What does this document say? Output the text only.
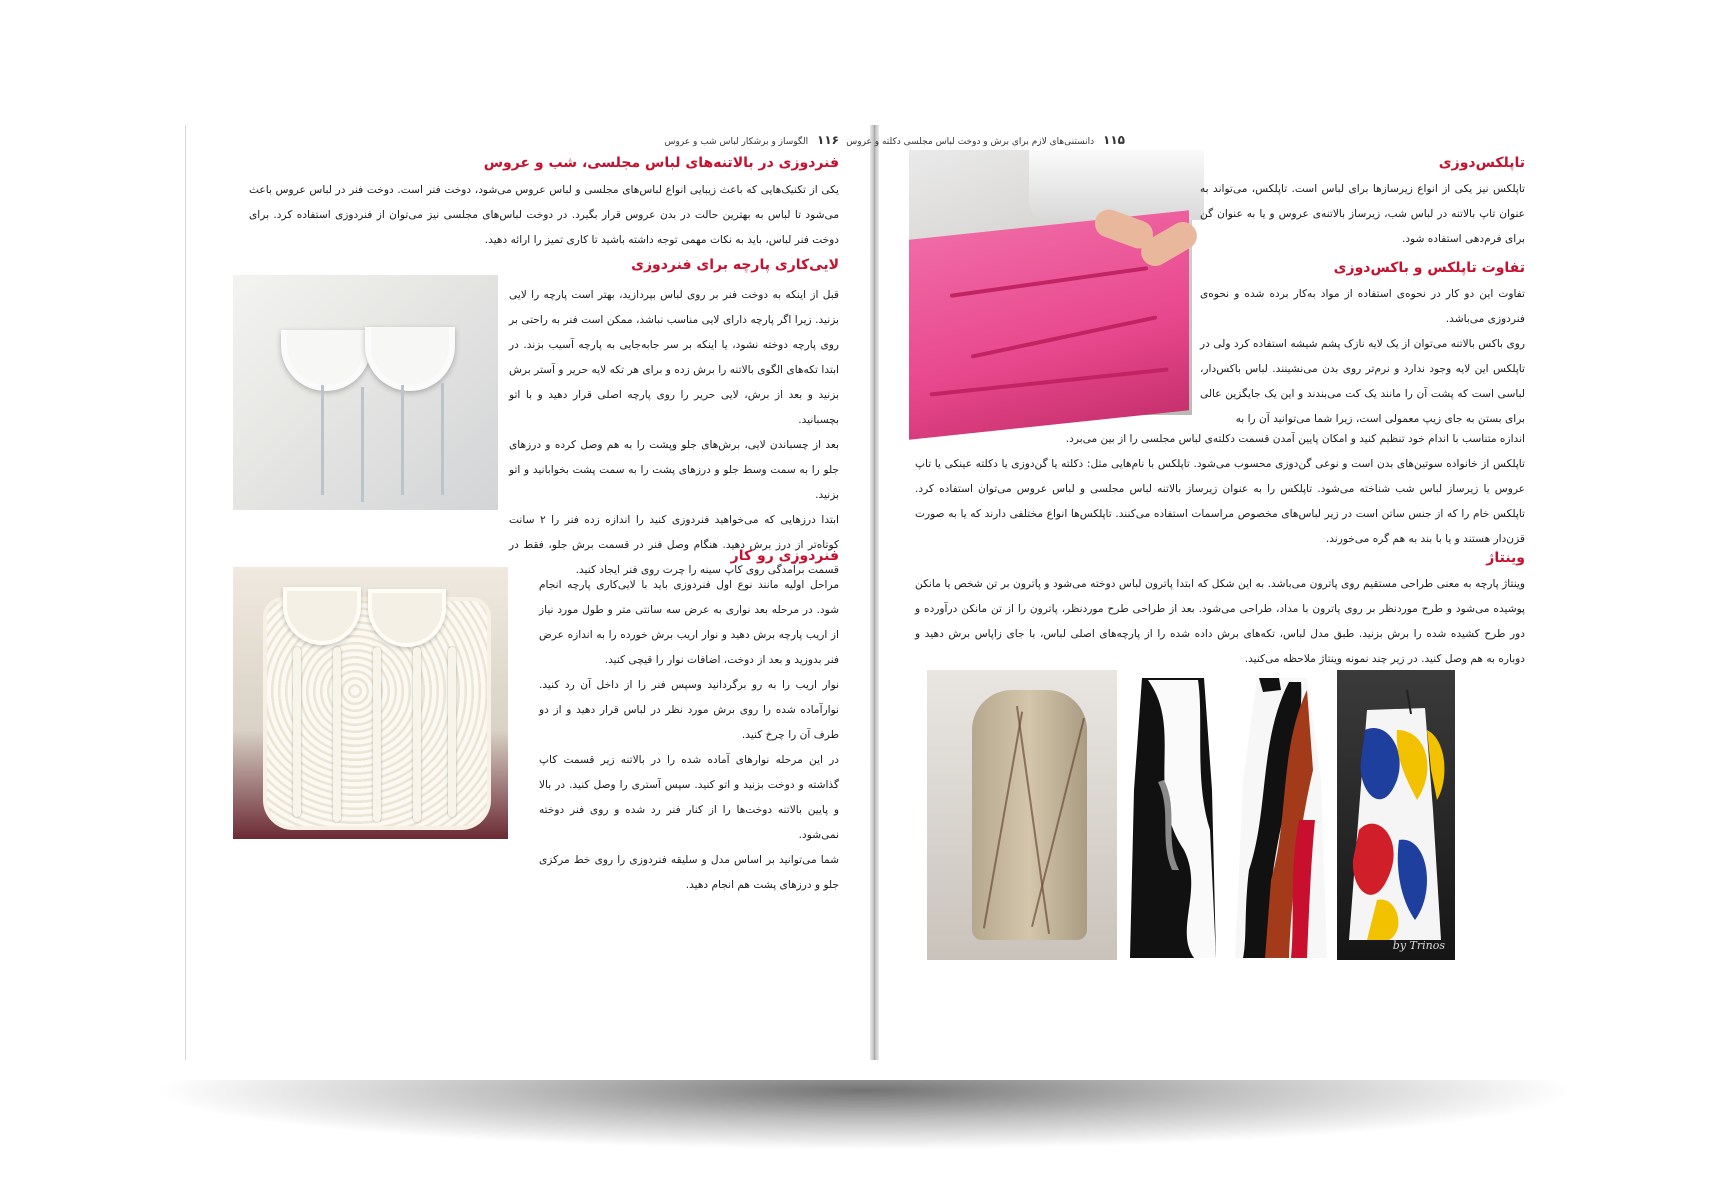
۱۱۶ الگوساز و برشکار لباس شب و عروس
فنردوزی در بالاتنه‌های لباس مجلسی، شب و عروس

یکی از تکنیک‌هایی که باعث زیبایی انواع لباس‌های مجلسی و لباس عروس می‌شود، دوخت فنر است. دوخت فنر در لباس عروس باعث می‌شود تا لباس به بهترین حالت در بدن عروس قرار بگیرد. در دوخت لباس‌های مجلسی نیز می‌توان از فنردوزی استفاده کرد. برای دوخت فنر لباس، باید به نکات مهمی توجه داشته باشید تا کاری تمیز را ارائه دهید.

لایی‌کاری پارچه برای فنردوزی

قبل از اینکه به دوخت فنر بر روی لباس بپردازید، بهتر است پارچه را لایی بزنید. زیرا اگر پارچه دارای لایی مناسب نباشد، ممکن است فنر به راحتی بر روی پارچه دوخته نشود، یا اینکه بر سر جابه‌جایی به پارچه آسیب بزند. در ابتدا تکه‌های الگوی بالاتنه را برش زده و برای هر تکه لایه حریر و آستر برش بزنید و بعد از برش، لایی حریر را روی پارچه اصلی قرار دهید و با اتو بچسبانید.
بعد از چسباندن لایی، برش‌های جلو وپشت را به هم وصل کرده و درزهای جلو را به سمت وسط جلو و درزهای پشت را به سمت پشت بخوابانید و اتو بزنید.
ابتدا درزهایی که می‌خواهید فنردوزی کنید را اندازه زده فنر را ۲ سانت کوتاه‌تر از درز برش دهید. هنگام وصل فنر در قسمت برش جلو، فقط در قسمت برآمدگی روی کاپ سینه را چرت روی فنر ایجاد کنید.

فنردوزی رو کار

مراحل اولیه مانند نوع اول فنردوزی باید با لایی‌کاری پارچه انجام شود. در مرحله بعد نواری به عرض سه سانتی متر و طول مورد نیاز از اریب پارچه برش دهید و نوار اریب برش خورده را به اندازه عرض فنر بدوزید و بعد از دوخت، اضافات نوار را قیچی کنید.
نوار اریب را به رو برگردانید وسپس فنر را از داخل آن رد کنید. نوارآماده شده را روی برش مورد نظر در لباس قرار دهید و از دو طرف آن را چرخ کنید.
در این مرحله نوارهای آماده شده را در بالاتنه زیر قسمت کاپ گذاشته و دوخت بزنید و اتو کنید. سپس آستری را وصل کنید. در بالا و پایین بالاتنه دوخت‌ها را از کنار فنر رد شده و روی فنر دوخته نمی‌شود.
شما می‌توانید بر اساس مدل و سلیقه فنردوزی را روی خط مرکزی جلو و درزهای پشت هم انجام دهید.

۱۱۵ دانستنی‌های لازم برای برش و دوخت لباس مجلسی دکلته و عروس
تاپلکس‌دوزی

تاپلکس نیز یکی از انواع زیرسازها برای لباس است. تاپلکس، می‌تواند به عنوان تاپ بالاتنه در لباس شب، زیرساز بالاتنه‌ی عروس و یا به عنوان گن برای فرم‌دهی استفاده شود.

تفاوت تاپلکس و باکس‌دوزی

تفاوت این دو کار در نحوه‌ی استفاده از مواد به‌کار برده شده و نحوه‌ی فنردوزی می‌باشد.
روی باکس بالاتنه می‌توان از یک لایه نازک پشم شیشه استفاده کرد ولی در تاپلکس این لایه وجود ندارد و نرم‌تر روی بدن می‌نشینند. لباس باکس‌دار، لباسی است که پشت آن را مانند یک کت می‌بندند و این یک جایگزین عالی برای بستن به جای زیپ معمولی است، زیرا شما می‌توانید آن را به

اندازه متناسب با اندام خود تنظیم کنید و امکان پایین آمدن قسمت دکلته‌ی لباس مجلسی را از بین می‌برد.
تاپلکس از خانواده سوتین‌های بدن است و نوعی گن‌دوزی محسوب می‌شود. تاپلکس با نام‌هایی مثل: دکلته یا گن‌دوزی یا دکلته عینکی یا تاپ عروس یا زیرساز لباس شب شناخته می‌شود. تاپلکس را به عنوان زیرساز بالاتنه لباس مجلسی و لباس عروس می‌توان استفاده کرد. تاپلکس خام را که از جنس ساتن است در زیر لباس‌های مخصوص مراسمات استفاده می‌کنند. تاپلکس‌ها انواع مختلفی دارند که یا به صورت قزن‌دار هستند و یا با بند به هم گره می‌خورند.

وینتاژ

وینتاژ پارچه به معنی طراحی مستقیم روی پاترون می‌باشد. به این شکل که ابتدا پاترون لباس دوخته می‌شود و پاترون بر تن شخص یا مانکن پوشیده می‌شود و طرح موردنظر بر روی پاترون با مداد، طراحی می‌شود. بعد از طراحی طرح موردنظر، پاترون را از تن مانکن درآورده و دور طرح کشیده شده را برش بزنید. طبق مدل لباس، تکه‌های برش داده شده را از پارچه‌های اصلی لباس، با جای زاپاس برش دهید و دوباره به هم وصل کنید. در زیر چند نمونه وینتاژ ملاحظه می‌کنید.

by Trinos
